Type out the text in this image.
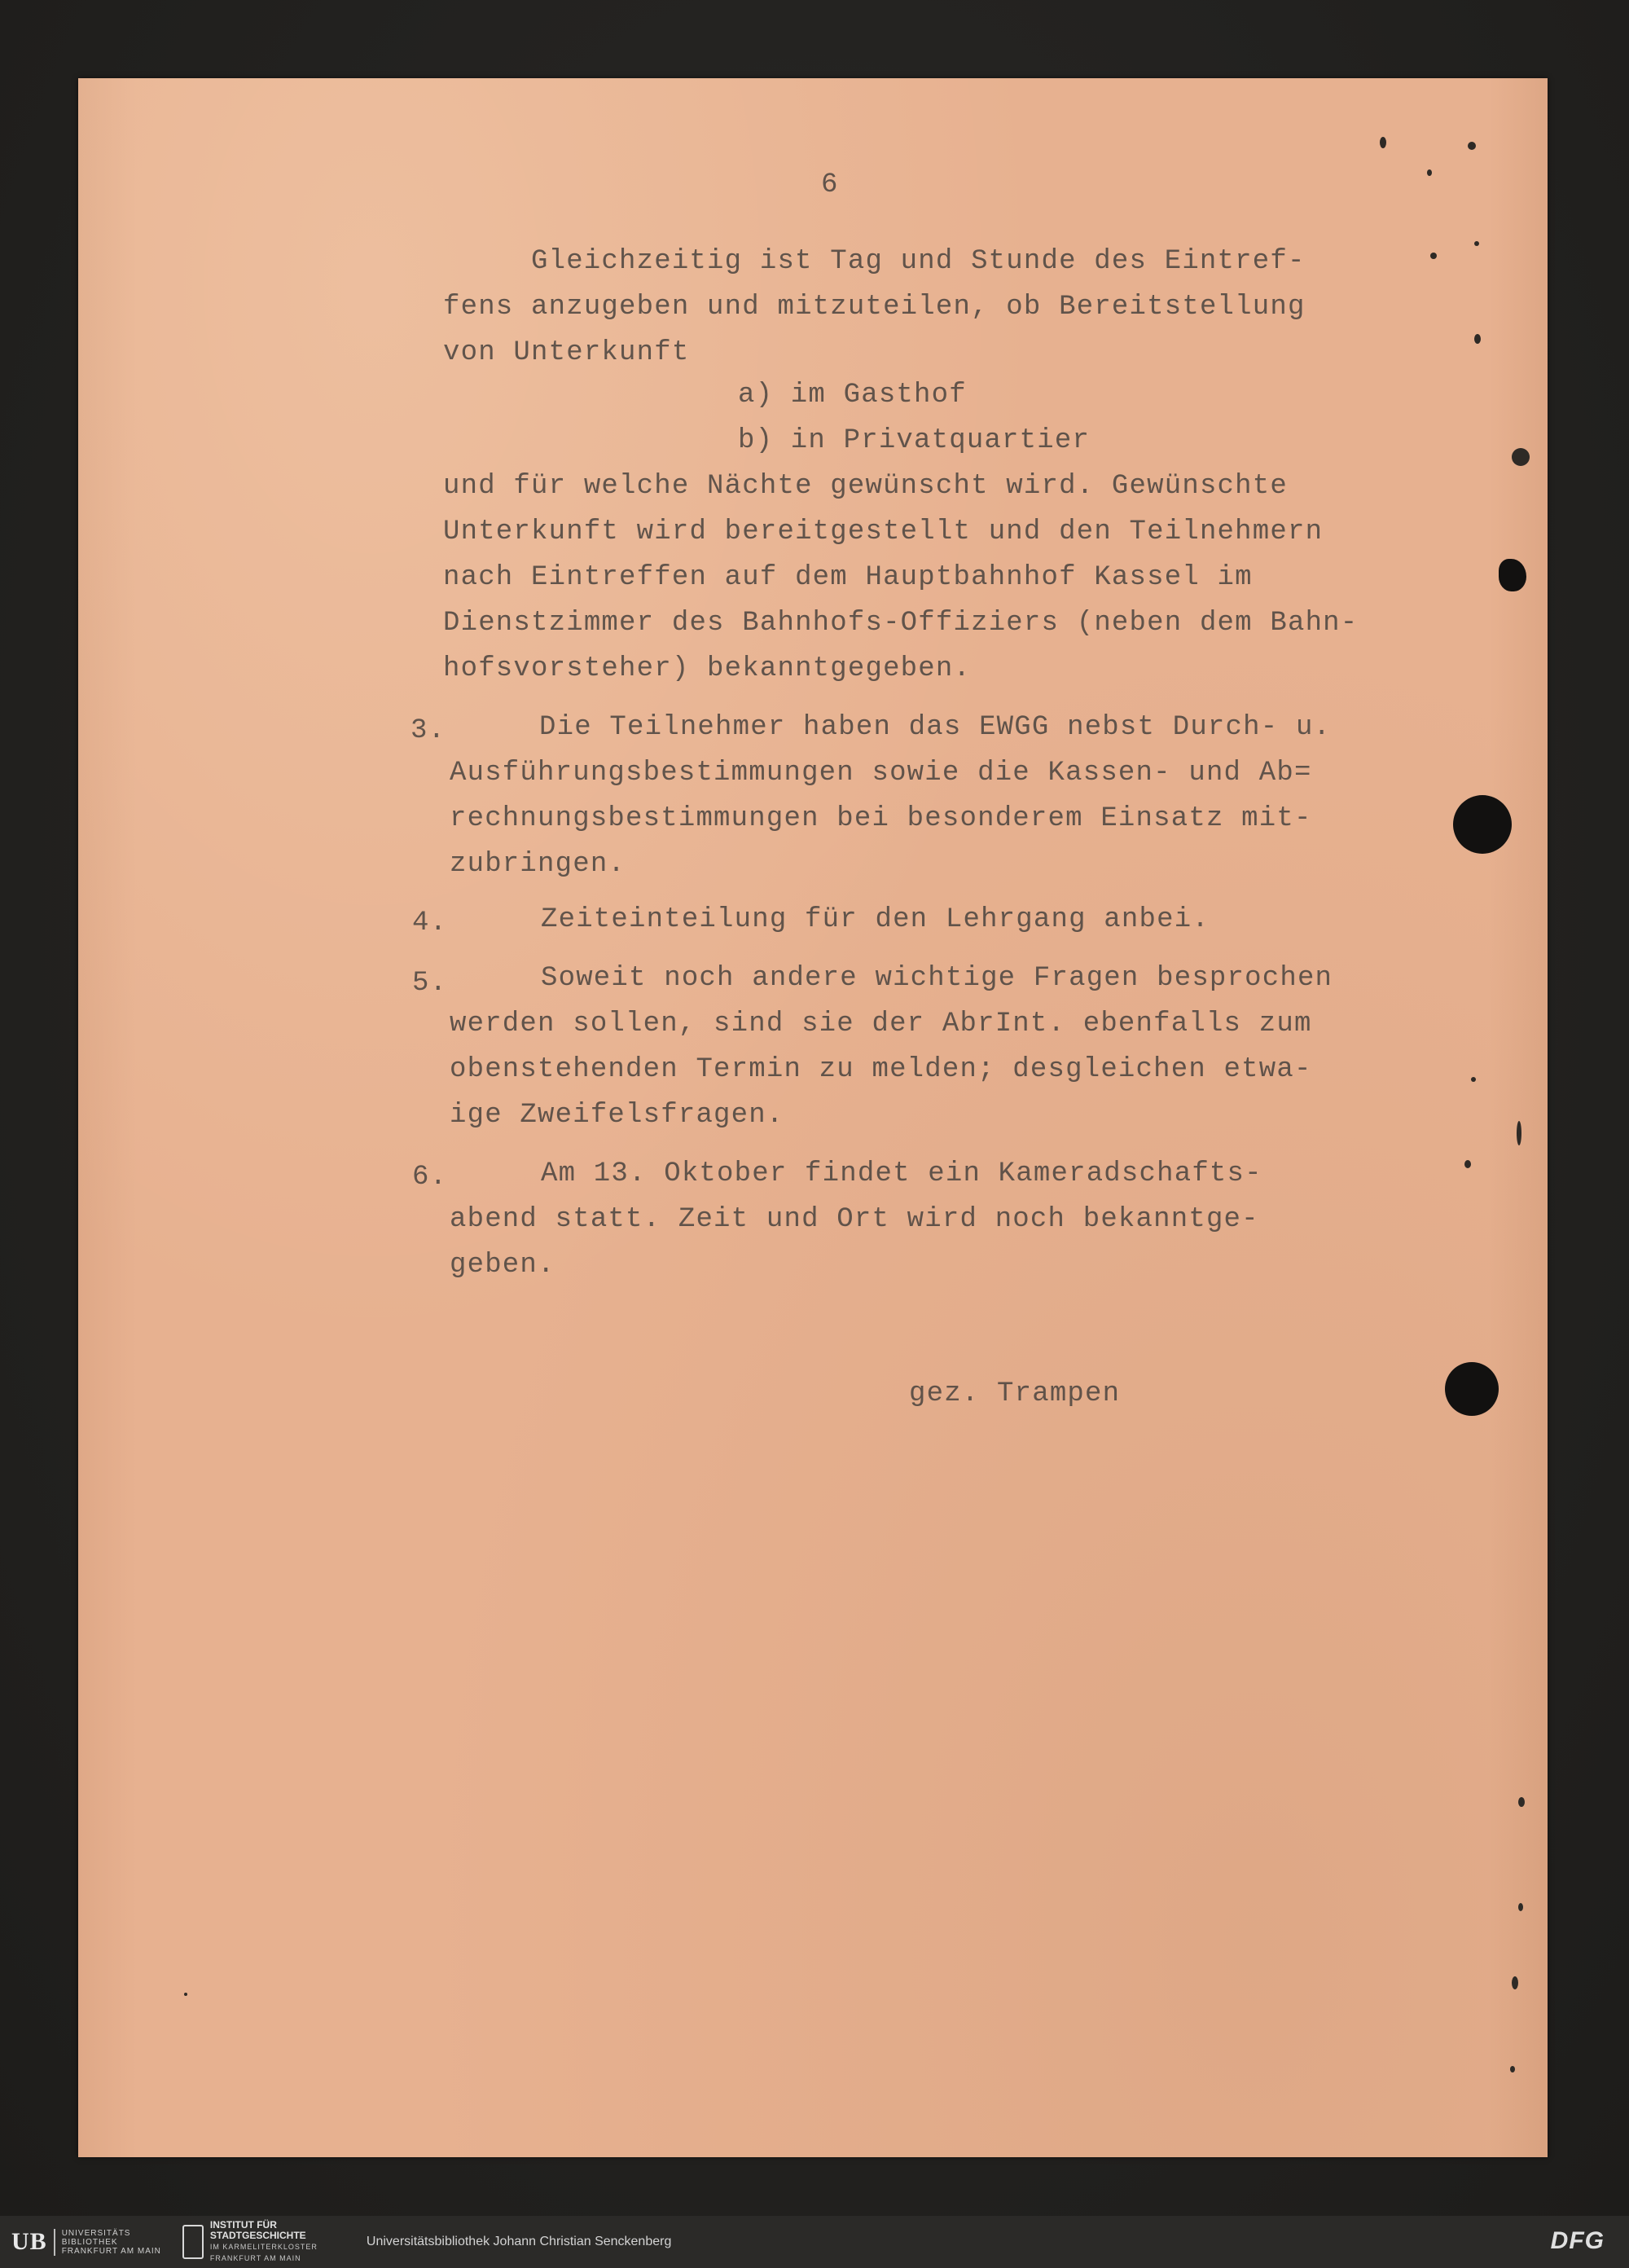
6
Gleichzeitig ist Tag und Stunde des Eintref-
fens anzugeben und mitzuteilen, ob Bereitstellung
von Unterkunft
a) im Gasthof
b) in Privatquartier
und für welche Nächte gewünscht wird. Gewünschte
Unterkunft wird bereitgestellt und den Teilnehmern
nach Eintreffen auf dem Hauptbahnhof Kassel im
Dienstzimmer des Bahnhofs-Offiziers (neben dem Bahn-
hofsvorsteher) bekanntgegeben.
3.	Die Teilnehmer haben das EWGG nebst Durch- u.
Ausführungsbestimmungen sowie die Kassen- und Ab=
rechnungsbestimmungen bei besonderem Einsatz mit-
zubringen.
4.	Zeiteinteilung für den Lehrgang anbei.
5.	Soweit noch andere wichtige Fragen besprochen
werden sollen, sind sie der AbrInt. ebenfalls zum
obenstehenden Termin zu melden; desgleichen etwa-
ige Zweifelsfragen.
6.	Am 13. Oktober findet ein Kameradschafts-
abend statt. Zeit und Ort wird noch bekanntge-
geben.
gez. Trampen
UB	UNIVERSITÄTS
BIBLIOTHEK
FRANKFURT AM MAIN
INSTITUT FÜR
STADTGESCHICHTE
IM KARMELITERKLOSTER
FRANKFURT AM MAIN
Universitätsbibliothek Johann Christian Senckenberg	DFG
